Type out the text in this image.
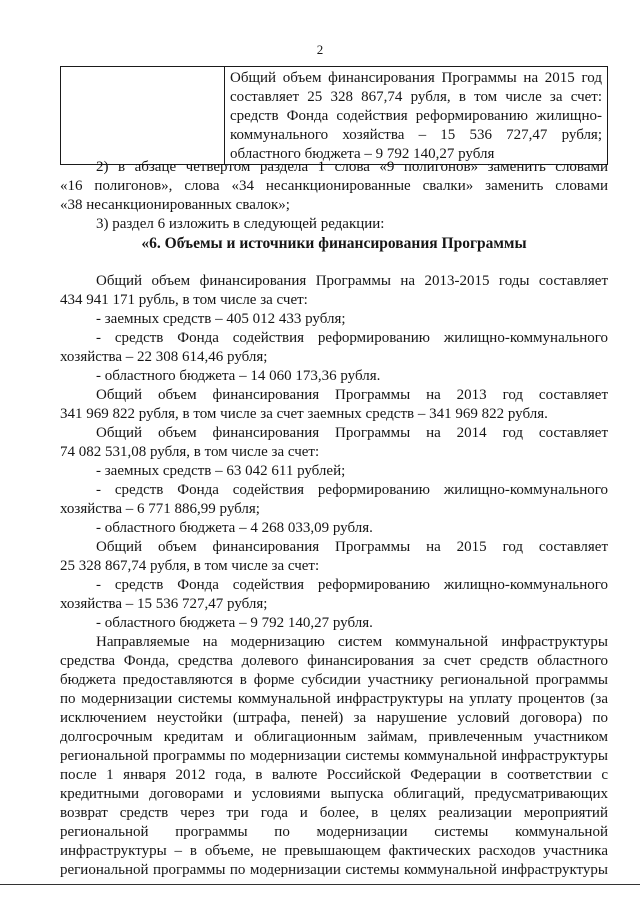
2

Общий объем финансирования Программы на 2015 год
составляет 25 328 867,74 рубля, в том числе за счет:
средств Фонда содействия реформированию жилищно-
коммунального хозяйства – 15 536 727,47 рубля;
областного бюджета – 9 792 140,27 рубля
2) в абзаце четвертом раздела 1 слова «9 полигонов» заменить словами
«16 полигонов», слова «34 несанкционированные свалки» заменить словами
«38 несанкционированных свалок»;
3) раздел 6 изложить в следующей редакции:
«6. Объемы и источники финансирования Программы
Общий объем финансирования Программы на 2013-2015 годы составляет
434 941 171 рубль, в том числе за счет:
- заемных средств – 405 012 433 рубля;
- средств Фонда содействия реформированию жилищно-коммунального
хозяйства – 22 308 614,46 рубля;
- областного бюджета – 14 060 173,36 рубля.
Общий объем финансирования Программы на 2013 год составляет
341 969 822 рубля, в том числе за счет заемных средств – 341 969 822 рубля.
Общий объем финансирования Программы на 2014 год составляет
74 082 531,08 рубля, в том числе за счет:
- заемных средств – 63 042 611 рублей;
- средств Фонда содействия реформированию жилищно-коммунального
хозяйства – 6 771 886,99 рубля;
- областного бюджета – 4 268 033,09 рубля.
Общий объем финансирования Программы на 2015 год составляет
25 328 867,74 рубля, в том числе за счет:
- средств Фонда содействия реформированию жилищно-коммунального
хозяйства – 15 536 727,47 рубля;
- областного бюджета – 9 792 140,27 рубля.
Направляемые на модернизацию систем коммунальной инфраструктуры
средства Фонда, средства долевого финансирования за счет средств областного
бюджета предоставляются в форме субсидии участнику региональной программы
по модернизации системы коммунальной инфраструктуры на уплату процентов (за
исключением неустойки (штрафа, пеней) за нарушение условий договора) по
долгосрочным кредитам и облигационным займам, привлеченным участником
региональной программы по модернизации системы коммунальной инфраструктуры
после 1 января 2012 года, в валюте Российской Федерации в соответствии с
кредитными договорами и условиями выпуска облигаций, предусматривающих
возврат средств через три года и более, в целях реализации мероприятий
региональной программы по модернизации системы коммунальной
инфраструктуры – в объеме, не превышающем фактических расходов участника
региональной программы по модернизации системы коммунальной инфраструктуры
